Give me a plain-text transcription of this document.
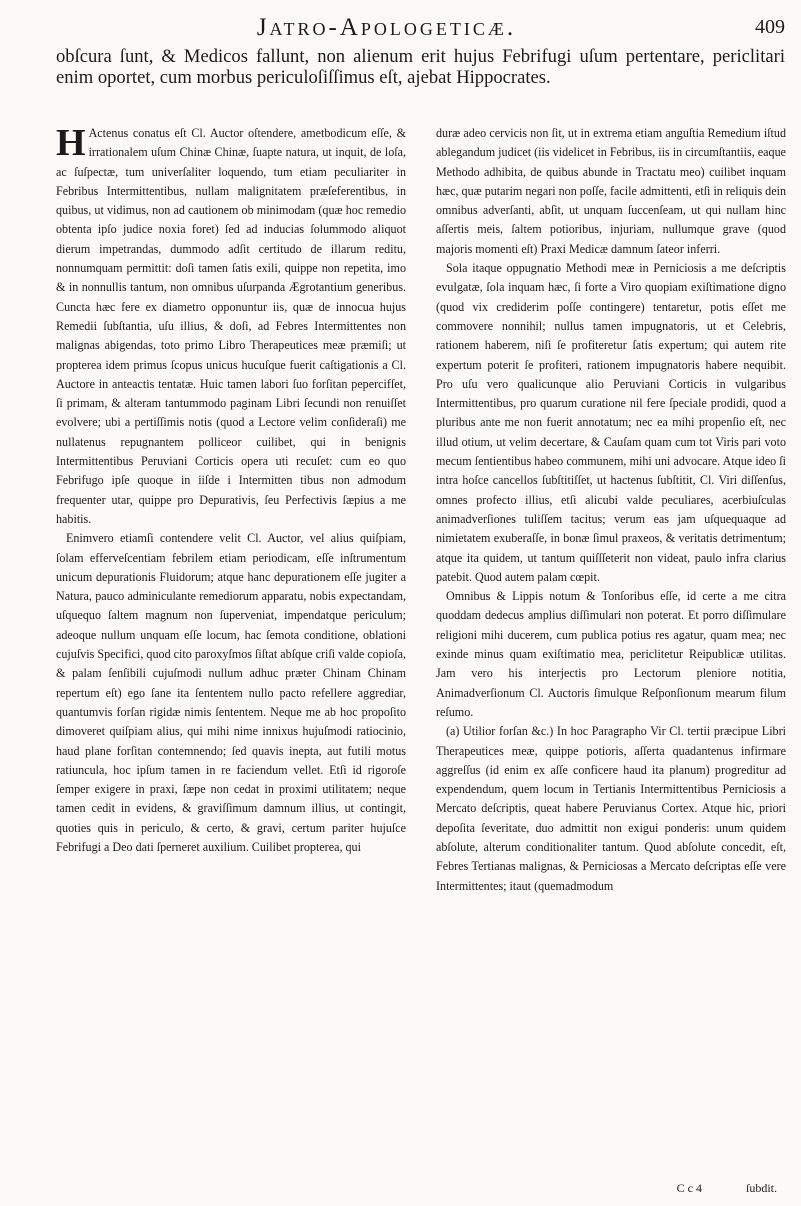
Jatro-Apologeticæ.	409

obſcura ſunt, & Medicos fallunt, non alienum erit hujus Febrifugi uſum pertentare, periclitari enim oportet, cum morbus periculoſiſſimus eſt, ajebat Hippocrates.

H Actenus conatus eſt Cl. Auctor oſtendere, ametbodicum eſſe, & irrationalem uſum Chinæ Chinæ, ſuapte natura, ut inquit, de loſa, ac ſuſpectæ, tum univerſaliter loquendo, tum etiam peculiariter in Febribus Intermittentibus, nullam malignitatem præſeferentibus, in quibus, ut vidimus, non ad cautionem ob minimodam (quæ hoc remedio obtenta ipſo judice noxia foret) ſed ad inducias ſolummodo aliquot dierum impetrandas, dummodo adſit certitudo de illarum reditu, nonnumquam permittit: doſi tamen ſatis exili, quippe non repetita, imo & in nonnullis tantum, non omnibus uſurpanda Ægrotantium generibus. Cuncta hæc fere ex diametro opponuntur iis, quæ de innocua hujus Remedii ſubſtantia, uſu illius, & doſi, ad Febres Intermittentes non malignas abigendas, toto primo Libro Therapeutices meæ præmiſi; ut propterea idem primus ſcopus unicus hucuſque fuerit caſtigationis a Cl. Auctore in anteactis tentatæ. Huic tamen labori ſuo forſitan pepercifſet, ſi primam, & alteram tantummodo paginam Libri ſecundi non renuiſſet evolvere; ubi a pertiſſimis notis (quod a Lectore velim conſideraſi) me nullatenus repugnantem polliceor cuilibet, qui in benignis Intermittentibus Peruviani Corticis opera uti recuſet: cum eo quo Febrifugo ipſe quoque in iiſde i Intermitten tibus non admodum frequenter utar, quippe pro Depurativis, ſeu Perfectivis ſæpius a me habitis.

Enimvero etiamſi contendere velit Cl. Auctor, vel alius quiſpiam, ſolam efferveſcentiam febrilem etiam periodicam, eſſe inſtrumentum unicum depurationis Fluidorum; atque hanc depurationem eſſe jugiter a Natura, pauco adminiculante remediorum apparatu, nobis expectandam, uſquequo ſaltem magnum non ſuperveniat, impendatque periculum; adeoque nullum unquam eſſe locum, hac ſemota conditione, oblationi cujuſvis Specifici, quod cito paroxyſmos ſiſtat abſque criſi valde copioſa, & palam ſenſibili cujuſmodi nullum adhuc præter Chinam Chinam repertum eſt) ego ſane ita ſententem nullo pacto refellere aggrediar, quantumvis forſan rigidæ nimis ſententem. Neque me ab hoc propoſito dimoveret quiſpiam alius, qui mihi nime innixus hujuſmodi ratiocinio, haud plane forſitan contemnendo; ſed quavis inepta, aut futili motus ratiuncula, hoc ipſum tamen in re faciendum vellet. Etſi id rigoroſe ſemper exigere in praxi, ſæpe non cedat in proximi utilitatem; neque tamen cedit in evidens, & graviſſimum damnum illius, ut contingit, quoties quis in periculo, & certo, & gravi, certum pariter hujuſce Febrifugi a Deo dati ſperneret auxilium. Cuilibet propterea, qui

duræ adeo cervicis non ſit, ut in extrema etiam anguſtia Remedium iſtud ablegandum judicet (iis videlicet in Febribus, iis in circumſtantiis, eaque Methodo adhibita, de quibus abunde in Tractatu meo) cuilibet inquam hæc, quæ putarim negari non poſſe, facile admittenti, etſi in reliquis dein omnibus adverſanti, abſit, ut unquam ſuccenſeam, ut qui nullam hinc aſſertis meis, ſaltem potioribus, injuriam, nullumque grave (quod majoris momenti eſt) Praxi Medicæ damnum ſateor inferri.

Sola itaque oppugnatio Methodi meæ in Perniciosis a me deſcriptis evulgatæ, ſola inquam hæc, ſi forte a Viro quopiam exiſtimatione digno (quod vix crediderim poſſe contingere) tentaretur, potis eſſet me commovere nonnihil; nullus tamen impugnatoris, ut et Celebris, rationem haberem, niſi ſe profiteretur ſatis expertum; qui autem rite expertum poterit ſe profiteri, rationem impugnatoris habere nequibit. Pro uſu vero qualicunque alio Peruviani Corticis in vulgaribus Intermittentibus, pro quarum curatione nil fere ſpeciale prodidi, quod a pluribus ante me non fuerit annotatum; nec ea mihi propenſio eſt, nec illud otium, ut velim decertare, & Cauſam quam cum tot Viris pari voto mecum ſentientibus habeo communem, mihi uni advocare. Atque ideo ſi intra hoſce cancellos ſubſtitiſſet, ut hactenus ſubſtitit, Cl. Viri diſſenſus, omnes profecto illius, etſi alicubi valde peculiares, acerbiuſculas animadverſiones tuliſſem tacitus; verum eas jam uſquequaque ad nimietatem exuberaſſe, in bonæ ſimul praxeos, & veritatis detrimentum; atque ita quidem, ut tantum quiſſſeterit non videat, paulo infra clarius patebit. Quod autem palam cœpit.

Omnibus & Lippis notum & Tonſoribus eſſe, id certe a me citra quoddam dedecus amplius diſſimulari non poterat. Et porro diſſimulare religioni mihi ducerem, cum publica potius res agatur, quam mea; nec exinde minus quam exiſtimatio mea, periclitetur Reipublicæ utilitas. Jam vero his interjectis pro Lectorum pleniore notitia, Animadverſionum Cl. Auctoris ſimulque Reſponſionum mearum filum reſumo.

(a) Utilior forſan &c.) In hoc Paragrapho Vir Cl. tertii præcipue Libri Therapeutices meæ, quippe potioris, aſſerta quadantenus infirmare aggreſſus (id enim ex aſſe conficere haud ita planum) progreditur ad expendendum, quem locum in Tertianis Intermittentibus Perniciosis a Mercato deſcriptis, queat habere Peruvianus Cortex. Atque hic, priori depoſita ſeveritate, duo admittit non exigui ponderis: unum quidem abſolute, alterum conditionaliter tantum. Quod abſolute concedit, eſt, Febres Tertianas malignas, & Perniciosas a Mercato deſcriptas eſſe vere Intermittentes; itaut (quemadmodum

C c 4	ſubdit.
